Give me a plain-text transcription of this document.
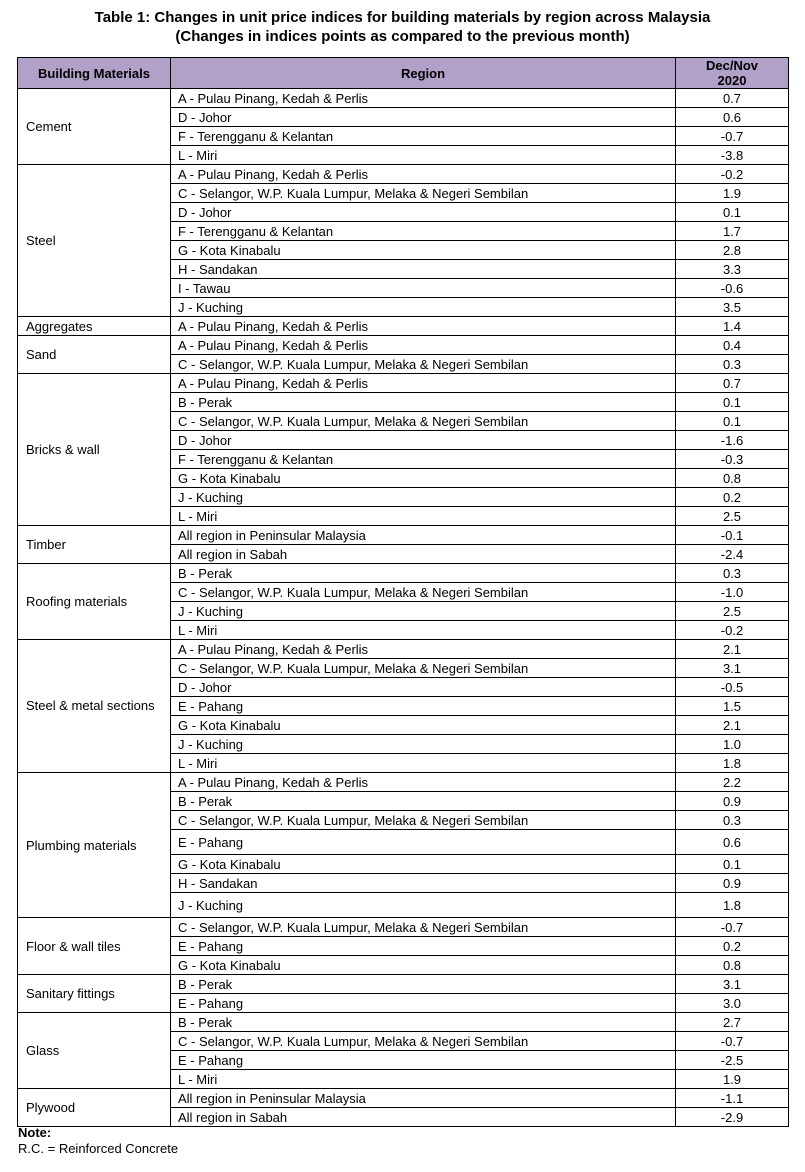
Table 1: Changes in unit price indices for building materials by region across Malaysia
(Changes in indices points as compared to the previous month)
Building Materials	Region	Dec/Nov
2020

Cement	A - Pulau Pinang, Kedah & Perlis	0.7
	D - Johor	0.6
	F - Terengganu & Kelantan	-0.7
	L - Miri	-3.8
Steel	A - Pulau Pinang, Kedah & Perlis	-0.2
	C - Selangor, W.P. Kuala Lumpur, Melaka & Negeri Sembilan	1.9
	D - Johor	0.1
	F - Terengganu & Kelantan	1.7
	G - Kota Kinabalu	2.8
	H - Sandakan	3.3
	I - Tawau	-0.6
	J - Kuching	3.5
Aggregates	A - Pulau Pinang, Kedah & Perlis	1.4
Sand	A - Pulau Pinang, Kedah & Perlis	0.4
	C - Selangor, W.P. Kuala Lumpur, Melaka & Negeri Sembilan	0.3
Bricks & wall	A - Pulau Pinang, Kedah & Perlis	0.7
	B - Perak	0.1
	C - Selangor, W.P. Kuala Lumpur, Melaka & Negeri Sembilan	0.1
	D - Johor	-1.6
	F - Terengganu & Kelantan	-0.3
	G - Kota Kinabalu	0.8
	J - Kuching	0.2
	L - Miri	2.5
Timber	All region in Peninsular Malaysia	-0.1
	All region in Sabah	-2.4
Roofing materials	B - Perak	0.3
	C - Selangor, W.P. Kuala Lumpur, Melaka & Negeri Sembilan	-1.0
	J - Kuching	2.5
	L - Miri	-0.2
Steel & metal sections	A - Pulau Pinang, Kedah & Perlis	2.1
	C - Selangor, W.P. Kuala Lumpur, Melaka & Negeri Sembilan	3.1
	D - Johor	-0.5
	E - Pahang	1.5
	G - Kota Kinabalu	2.1
	J - Kuching	1.0
	L - Miri	1.8
Plumbing materials	A - Pulau Pinang, Kedah & Perlis	2.2
	B - Perak	0.9
	C - Selangor, W.P. Kuala Lumpur, Melaka & Negeri Sembilan	0.3
	E - Pahang	0.6
	G - Kota Kinabalu	0.1
	H - Sandakan	0.9
	J - Kuching	1.8
Floor & wall tiles	C - Selangor, W.P. Kuala Lumpur, Melaka & Negeri Sembilan	-0.7
	E - Pahang	0.2
	G - Kota Kinabalu	0.8
Sanitary fittings	B - Perak	3.1
	E - Pahang	3.0
Glass	B - Perak	2.7
	C - Selangor, W.P. Kuala Lumpur, Melaka & Negeri Sembilan	-0.7
	E - Pahang	-2.5
	L - Miri	1.9
Plywood	All region in Peninsular Malaysia	-1.1
	All region in Sabah	-2.9
Note:
R.C. = Reinforced Concrete
